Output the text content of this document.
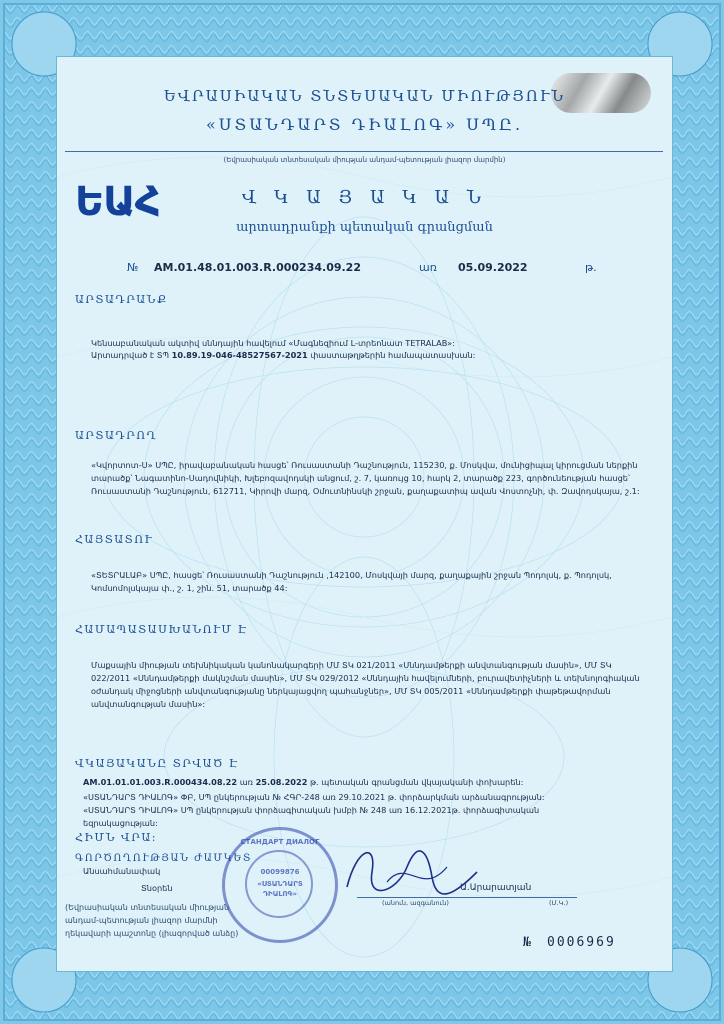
ԵՎՐԱՍԻԱԿԱՆ ՏՆՏԵՍԱԿԱՆ ՄԻՈՒԹՅՈՒՆ
«ՍՏԱՆԴԱՐՏ ԴԻԱԼՈԳ» ՍՊԸ.
(Եվրասիական տնտեսական միության անդամ-պետության լիազոր մարմին)
ԵԱՀ	Վ Կ Ա Յ Ա Կ Ա Ն
արտադրանքի պետական գրանցման
№ AM.01.48.01.003.R.000234.09.22	առ 05.09.2022	թ.
ԱՐՏԱԴՐԱՆՔ
Կենսաբանական ակտիվ սննդային հավելում «Մագնեզիում L-տրեոնատ TETRALAB»:
Արտադրված է ՏՊ 10.89.19-046-48527567-2021 փաստաթղթերին համապատասխան:
ԱՐՏԱԴՐՈՂ
«Կվորտոտ-Ս» ՍՊԸ, իրավաբանական հասցե՝ Ռուսաստանի Դաշնություն, 115230, ք. Մոսկվա, մունիցիպալ կիրուցման ներքին տարածք՝ Նագատինո-Սադովնիկի, Խլեբոզավոդսկի անցում, շ. 7, կառույց 10, հարկ 2, տարածք 223, գործունեության հասցե՝ Ռուսաստանի Դաշնություն, 612711, Կիրովի մարզ, Օմուտնինսկի շրջան, քաղաքատիպ ավան Վոստոչնի, փ. Զավոդսկայա, շ.1:
ՀԱՅՏԱՏՈՒ
«ՏԵՏՐԱԼԱԲ» ՍՊԸ, հասցե՝ Ռուսաստանի Դաշնություն ,142100, Մոսկվայի մարզ, քաղաքային շրջան Պոդոլսկ, ք. Պոդոլսկ, Կոմսոմոլսկայա փ., շ. 1, շին. 51, տարածք 44:
ՀԱՄԱՊԱՏԱՍԽԱՆՈՒՄ Է
Մաքսային միության տեխնիկական կանոնակարգերի ՄՄ ՏԿ 021/2011 «Սննդամթերքի անվտանգության մասին», ՄՄ ՏԿ 022/2011 «Սննդամթերքի մակնշման մասին», ՄՄ ՏԿ 029/2012 «Սննդային հավելումների, բուրավետիչների և տեխնոլոգիական օժանդակ միջոցների անվտանգությանը ներկայացվող պահանջներ», ՄՄ ՏԿ 005/2011 «Սննդամթերքի փաթեթավորման անվտանգության մասին»:
ՎԿԱՅԱԿԱՆԸ ՏՐՎԱԾ Է
AM.01.01.01.003.R.000434.08.22 առ 25.08.2022 թ. պետական գրանցման վկայականի փոխարեն:
«ՍՏԱՆԴԱՐՏ ԴԻԱԼՈԳ» ՓԲ, ՍՊ ընկերության № ՀԳՐ-248 առ 29.10.2021 թ. փորձարկման արձանագրության:
«ՍՏԱՆԴԱՐՏ ԴԻԱԼՈԳ» ՍՊ ընկերության փորձագիտական խմբի № 248 առ 16.12.2021թ. փորձագիտական
եզրակացության:
ՀԻՄՆ ՎՐԱ:
ԳՈՐԾՈՂՈՒԹՅԱՆ ԺԱՄԿԵՏ
Անսահմանափակ
Տնօրեն	Ա.Արարատյան
(անուն, ազգանուն)	(Մ.Կ.)
(Եվրասիական տնտեսական միության
անդամ-պետության լիազոր մարմնի
ղեկավարի պաշտոնը (լիազորված անձը)
№ 0006969
СТАНДАРТ ДИАЛОГ
00099876
«ՍՏԱՆԴԱՐՏ
ԴԻԱԼՈԳ»
